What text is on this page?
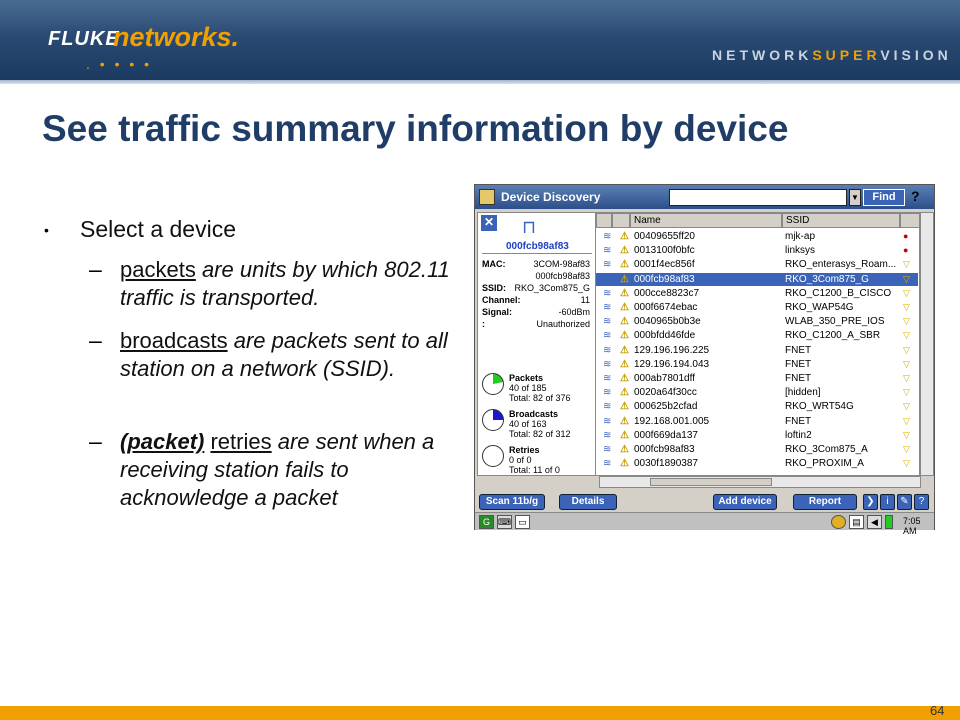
FLUKE
networks.
. • • • •
NETWORKSUPERVISION
See traffic summary information by device
• Select a device
– packets are units by which 802.11 traffic is transported.
– broadcasts are packets sent to all station on a network (SSID).
– (packet) retries are sent when a receiving station fails to acknowledge a packet
Device Discovery	▼	Find	?
✕ ⊓
000fcb98af83
MAC:	3COM-98af83
000fcb98af83
SSID: RKO_3Com875_G
Channel:	11
Signal:	-60dBm
:	Unauthorized
Packets
40 of 185
Total: 82 of 376
Broadcasts
40 of 163
Total: 82 of 312
Retries
0 of 0
Total: 11 of 0
Name	SSID
≋ ⚠ 00409655ff20	mjk-ap	●
≋ ⚠ 0013100f0bfc	linksys	●
≋ ⚠ 0001f4ec856f	RKO_enterasys_Roam... ▽
≋ ⚠ 000fcb98af83	RKO_3Com875_G	▽
≋ ⚠ 000cce8823c7	RKO_C1200_B_CISCO ▽
≋ ⚠ 000f6674ebac	RKO_WAP54G	▽
≋ ⚠ 0040965b0b3e	WLAB_350_PRE_IOS ▽
≋ ⚠ 000bfdd46fde	RKO_C1200_A_SBR	▽
≋ ⚠ 129.196.196.225	FNET	▽
≋ ⚠ 129.196.194.043	FNET	▽
≋ ⚠ 000ab7801dff	FNET	▽
≋ ⚠ 0020a64f30cc	[hidden]	▽
≋ ⚠ 000625b2cfad	RKO_WRT54G	▽
≋ ⚠ 192.168.001.005	FNET	▽
≋ ⚠ 000f669da137	loftin2	▽
≋ ⚠ 000fcb98af83	RKO_3Com875_A	▽
≋ ⚠ 0030f1890387	RKO_PROXIM_A	▽
Scan 11b/g	Details	Add device	Report	❯	i	✎	?
G ⌨ ▭	▤	◀	7:05 AM
64
